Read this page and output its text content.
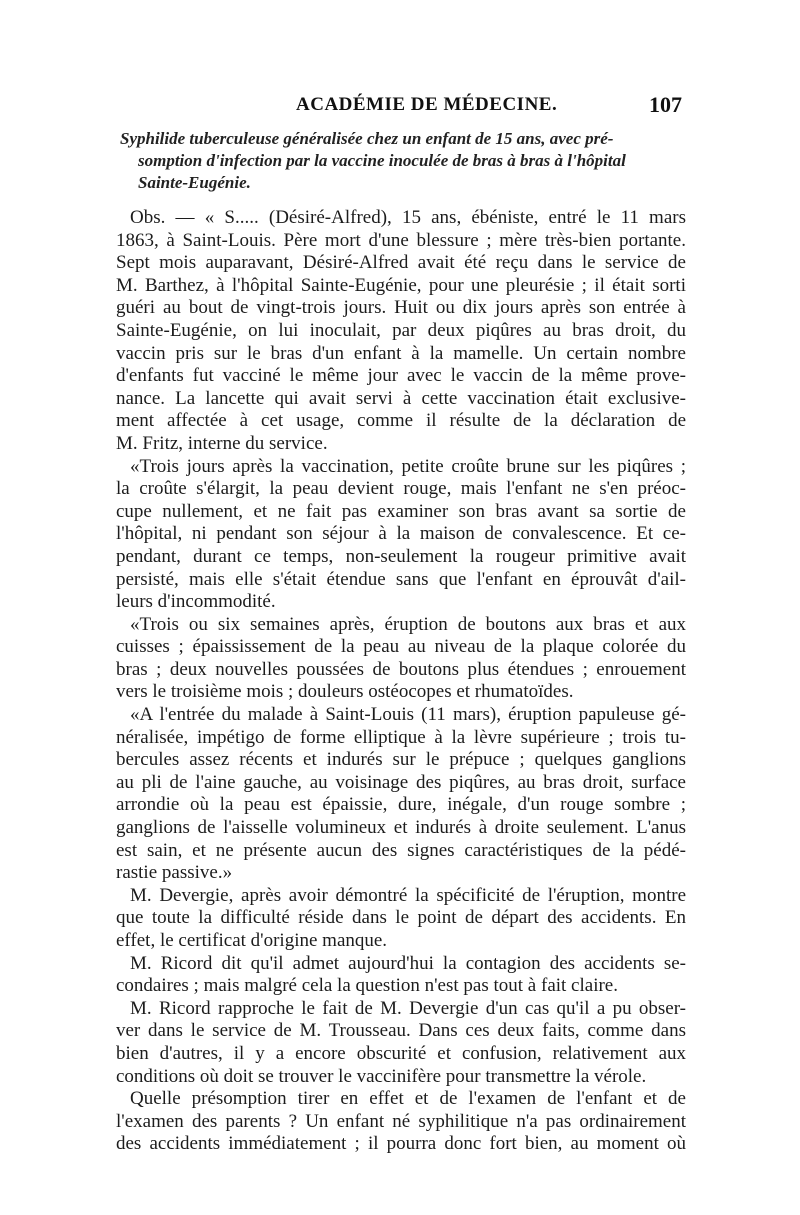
ACADÉMIE DE MÉDECINE.	107
Syphilide tuberculeuse généralisée chez un enfant de 15 ans, avec pré-
somption d'infection par la vaccine inoculée de bras à bras à l'hôpital
Sainte-Eugénie.
Obs. — « S..... (Désiré-Alfred), 15 ans, ébéniste, entré le 11 mars
1863, à Saint-Louis. Père mort d'une blessure ; mère très-bien portante.
Sept mois auparavant, Désiré-Alfred avait été reçu dans le service de
M. Barthez, à l'hôpital Sainte-Eugénie, pour une pleurésie ; il était sorti
guéri au bout de vingt-trois jours. Huit ou dix jours après son entrée à
Sainte-Eugénie, on lui inoculait, par deux piqûres au bras droit, du
vaccin pris sur le bras d'un enfant à la mamelle. Un certain nombre
d'enfants fut vacciné le même jour avec le vaccin de la même prove-
nance. La lancette qui avait servi à cette vaccination était exclusive-
ment affectée à cet usage, comme il résulte de la déclaration de
M. Fritz, interne du service.
«Trois jours après la vaccination, petite croûte brune sur les piqûres ;
la croûte s'élargit, la peau devient rouge, mais l'enfant ne s'en préoc-
cupe nullement, et ne fait pas examiner son bras avant sa sortie de
l'hôpital, ni pendant son séjour à la maison de convalescence. Et ce-
pendant, durant ce temps, non-seulement la rougeur primitive avait
persisté, mais elle s'était étendue sans que l'enfant en éprouvât d'ail-
leurs d'incommodité.
«Trois ou six semaines après, éruption de boutons aux bras et aux
cuisses ; épaississement de la peau au niveau de la plaque colorée du
bras ; deux nouvelles poussées de boutons plus étendues ; enrouement
vers le troisième mois ; douleurs ostéocopes et rhumatoïdes.
«A l'entrée du malade à Saint-Louis (11 mars), éruption papuleuse gé-
néralisée, impétigo de forme elliptique à la lèvre supérieure ; trois tu-
bercules assez récents et indurés sur le prépuce ; quelques ganglions
au pli de l'aine gauche, au voisinage des piqûres, au bras droit, surface
arrondie où la peau est épaissie, dure, inégale, d'un rouge sombre ;
ganglions de l'aisselle volumineux et indurés à droite seulement. L'anus
est sain, et ne présente aucun des signes caractéristiques de la pédé-
rastie passive.»
M. Devergie, après avoir démontré la spécificité de l'éruption, montre
que toute la difficulté réside dans le point de départ des accidents. En
effet, le certificat d'origine manque.
M. Ricord dit qu'il admet aujourd'hui la contagion des accidents se-
condaires ; mais malgré cela la question n'est pas tout à fait claire.
M. Ricord rapproche le fait de M. Devergie d'un cas qu'il a pu obser-
ver dans le service de M. Trousseau. Dans ces deux faits, comme dans
bien d'autres, il y a encore obscurité et confusion, relativement aux
conditions où doit se trouver le vaccinifère pour transmettre la vérole.
Quelle présomption tirer en effet et de l'examen de l'enfant et de
l'examen des parents ? Un enfant né syphilitique n'a pas ordinairement
des accidents immédiatement ; il pourra donc fort bien, au moment où
